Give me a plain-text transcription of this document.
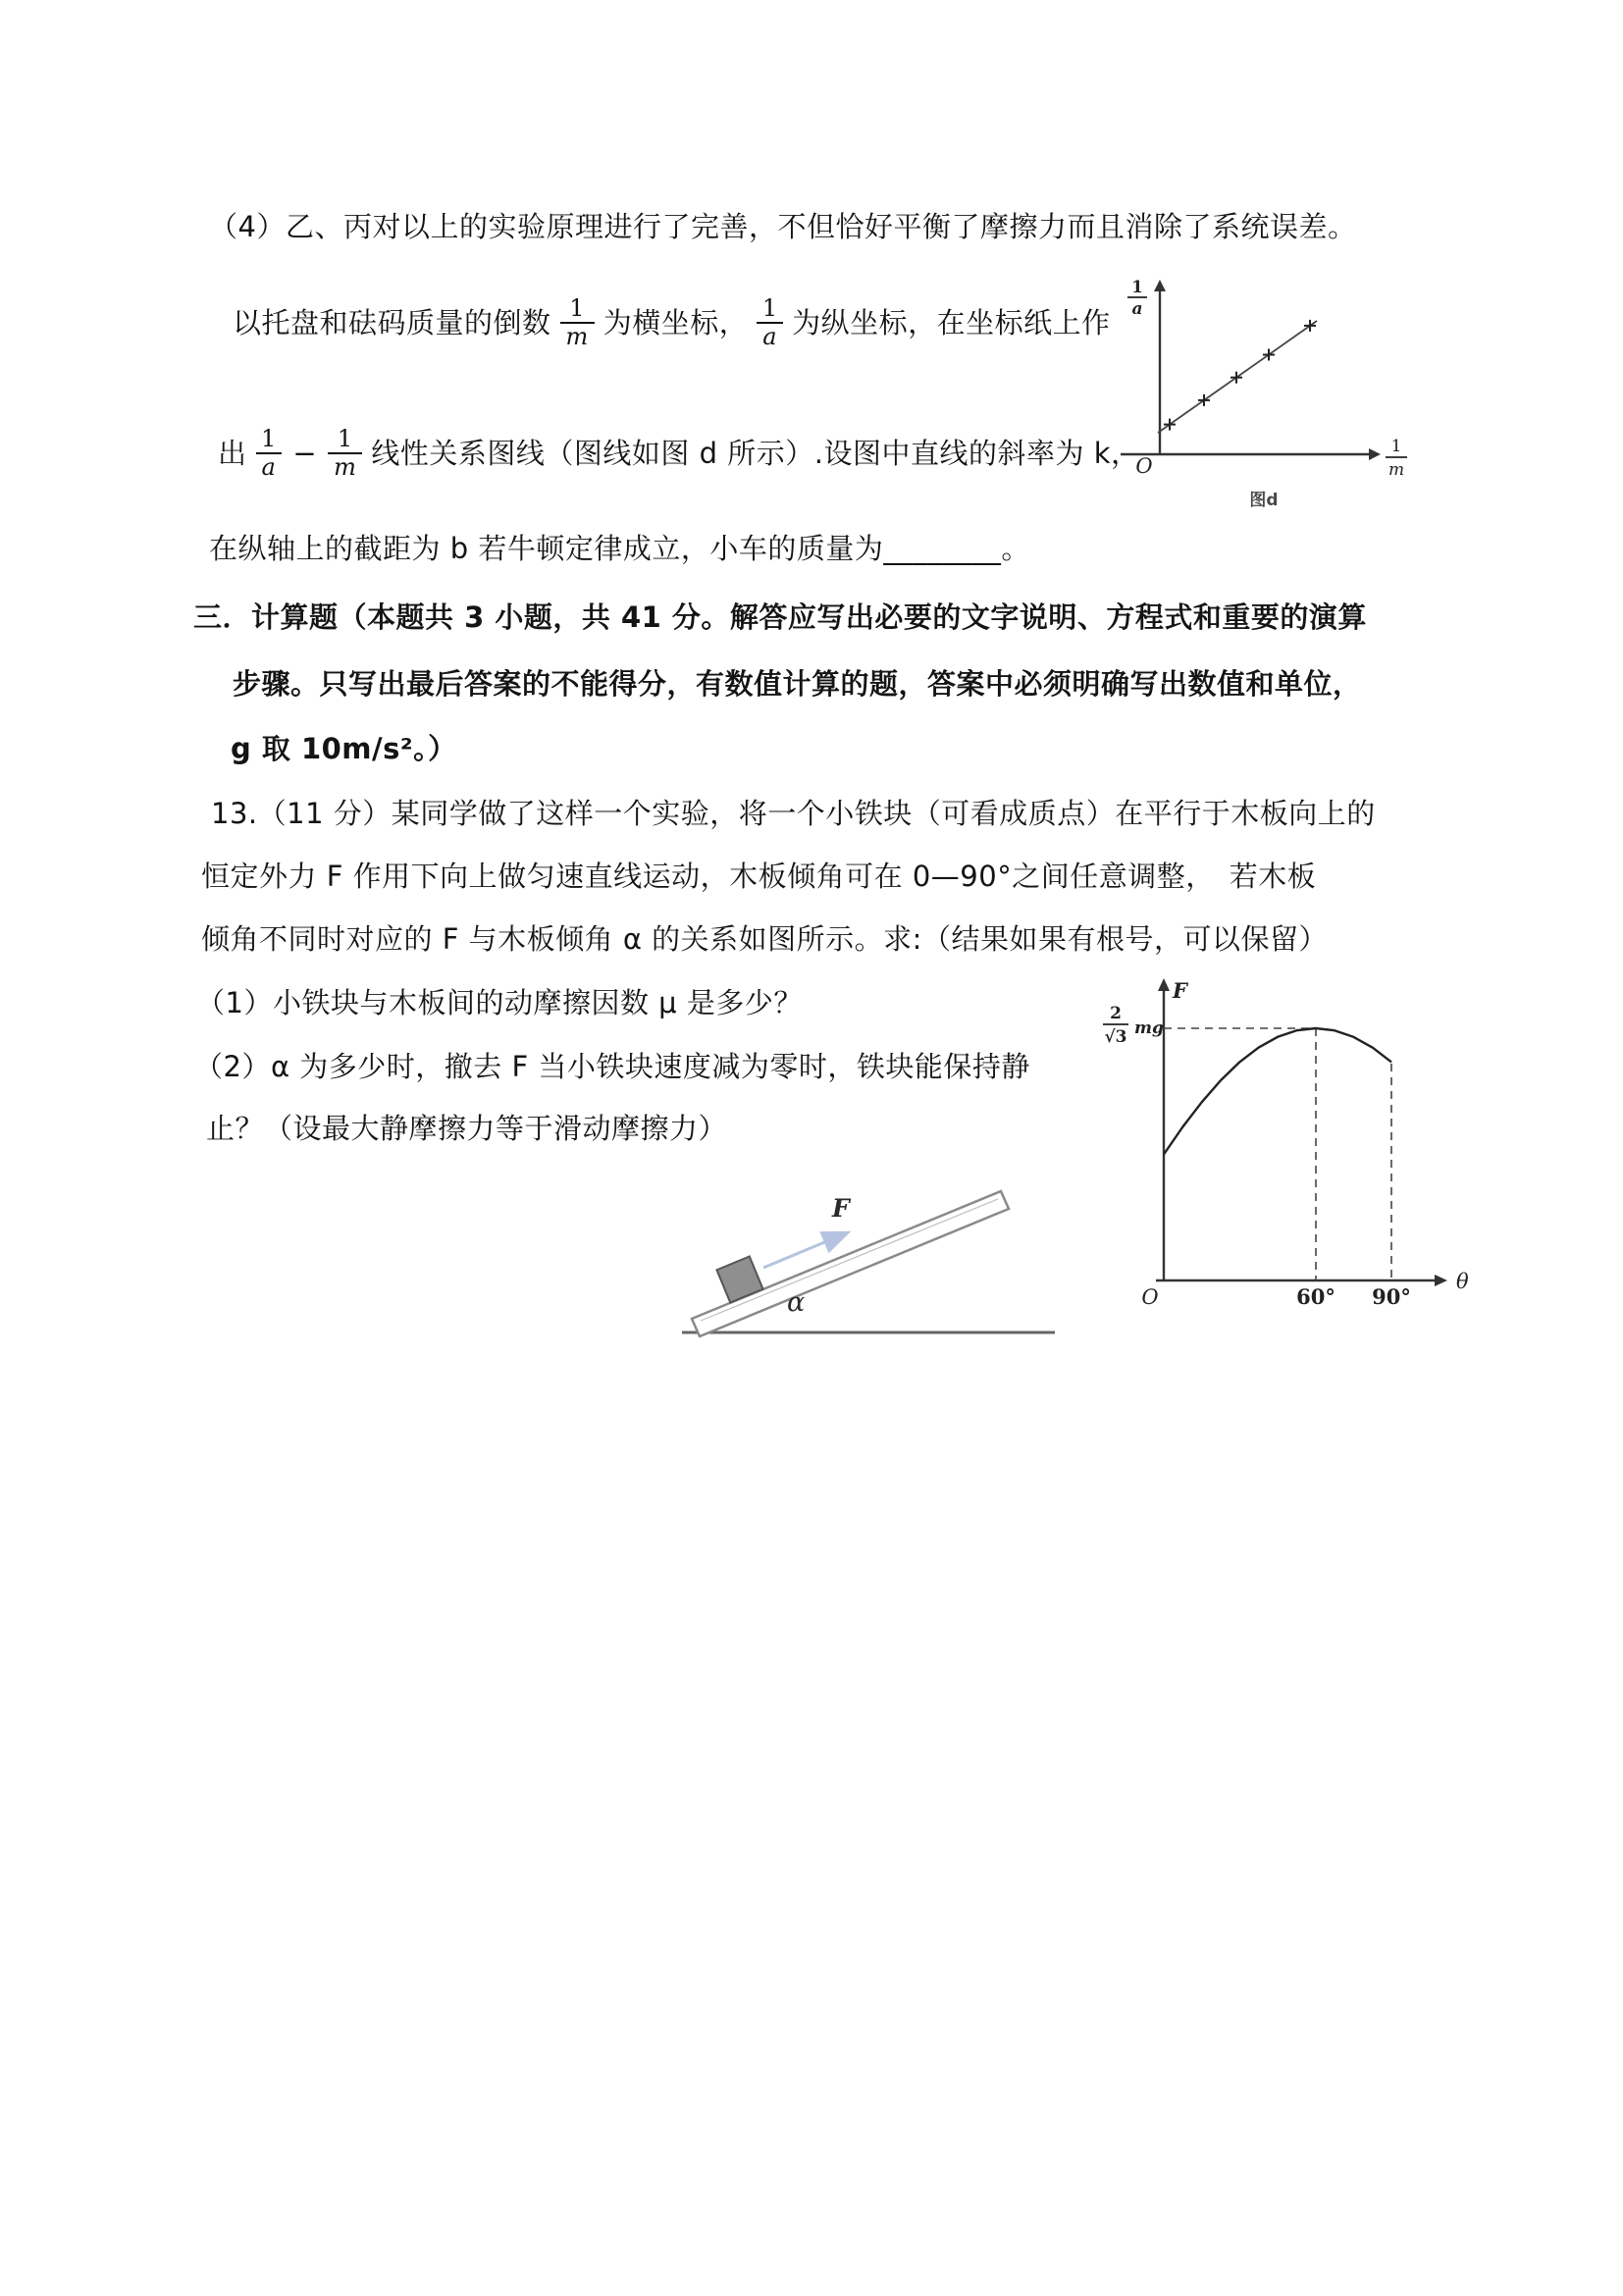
（4）乙、丙对以上的实验原理进行了完善，不但恰好平衡了摩擦力而且消除了系统误差。
以托盘和砝码质量的倒数 $\frac{1}{m}$ 为横坐标， $\frac{1}{a}$ 为纵坐标，在坐标纸上作
出 $\frac{1}{a} - \frac{1}{m}$ 线性关系图线（图线如图 d 所示）.设图中直线的斜率为 k，
在纵轴上的截距为 b 若牛顿定律成立，小车的质量为________。
O
1
a
1
m
图d
三．计算题（本题共 3 小题，共 41 分。解答应写出必要的文字说明、方程式和重要的演算
步骤。只写出最后答案的不能得分，有数值计算的题，答案中必须明确写出数值和单位，
g 取 10m/s²。）
13.（11 分）某同学做了这样一个实验，将一个小铁块（可看成质点）在平行于木板向上的
恒定外力 F 作用下向上做匀速直线运动，木板倾角可在 0—90°之间任意调整，　若木板
倾角不同时对应的 F 与木板倾角 α 的关系如图所示。求:（结果如果有根号，可以保留）
（1）小铁块与木板间的动摩擦因数 μ 是多少？
（2）α 为多少时，撤去 F 当小铁块速度减为零时，铁块能保持静
止？（设最大静摩擦力等于滑动摩擦力）
F
α
F
θ
O
2
√3 mg
60° 90°
